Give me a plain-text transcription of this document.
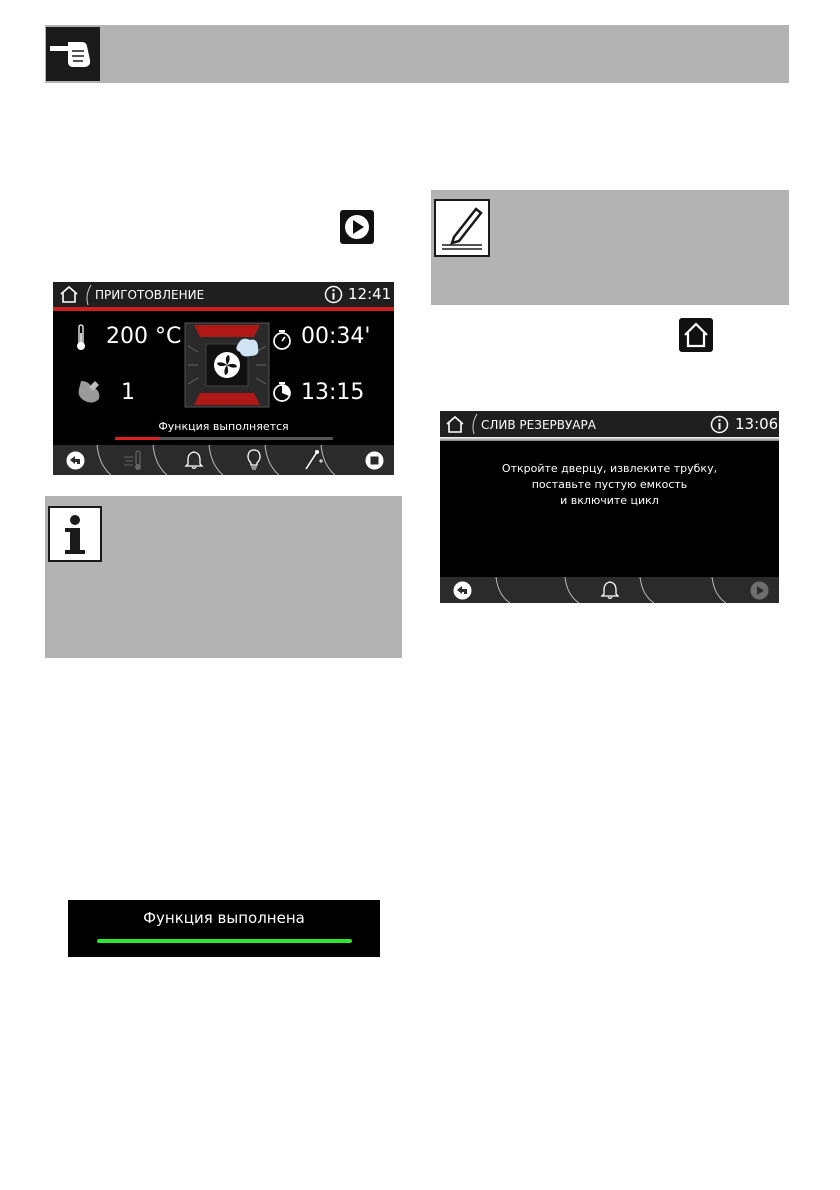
ПРИГОТОВЛЕНИЕ	12:41
200 °C
1
00:34'
13:15
Функция выполняется	СЛИВ РЕЗЕРВУАРА	13:06
Откройте дверцу, извлеките трубку,
поставьте пустую емкость
и включите цикл
Функция выполнена
